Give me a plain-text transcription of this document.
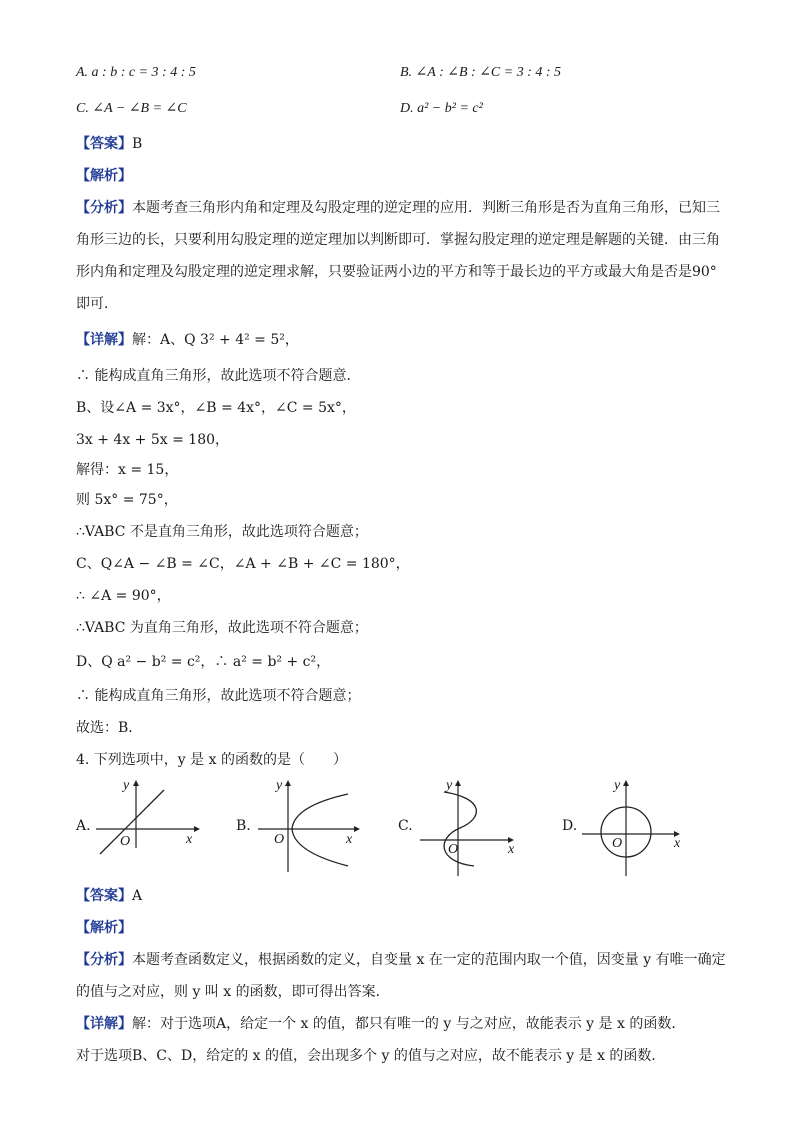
A. a : b : c = 3 : 4 : 5	B. ∠A : ∠B : ∠C = 3 : 4 : 5
C. ∠A − ∠B = ∠C	D. a² − b² = c²
【答案】B
【解析】
【分析】本题考查三角形内角和定理及勾股定理的逆定理的应用．判断三角形是否为直角三角形，已知三
角形三边的长，只要利用勾股定理的逆定理加以判断即可．掌握勾股定理的逆定理是解题的关键．由三角
形内角和定理及勾股定理的逆定理求解，只要验证两小边的平方和等于最长边的平方或最大角是否是90°
即可．
【详解】解：A、Q 3² + 4² = 5²，
∴ 能构成直角三角形，故此选项不符合题意．
B、设∠A = 3x°，∠B = 4x°，∠C = 5x°，
3x + 4x + 5x = 180，
解得：x = 15，
则 5x° = 75°，
∴VABC 不是直角三角形，故此选项符合题意；
C、Q∠A − ∠B = ∠C，∠A + ∠B + ∠C = 180°，
∴ ∠A = 90°，
∴VABC 为直角三角形，故此选项不符合题意；
D、Q a² − b² = c²，∴ a² = b² + c²，
∴ 能构成直角三角形，故此选项不符合题意；
故选：B．
4. 下列选项中，y 是 x 的函数的是（　　）
A.
y
x
O
B.
y
x
O
C.
y
x
O
D.
y
x
O
【答案】A
【解析】
【分析】本题考查函数定义，根据函数的定义，自变量 x 在一定的范围内取一个值，因变量 y 有唯一确定
的值与之对应，则 y 叫 x 的函数，即可得出答案．
【详解】解：对于选项A，给定一个 x 的值，都只有唯一的 y 与之对应，故能表示 y 是 x 的函数．
对于选项B、C、D，给定的 x 的值，会出现多个 y 的值与之对应，故不能表示 y 是 x 的函数．
